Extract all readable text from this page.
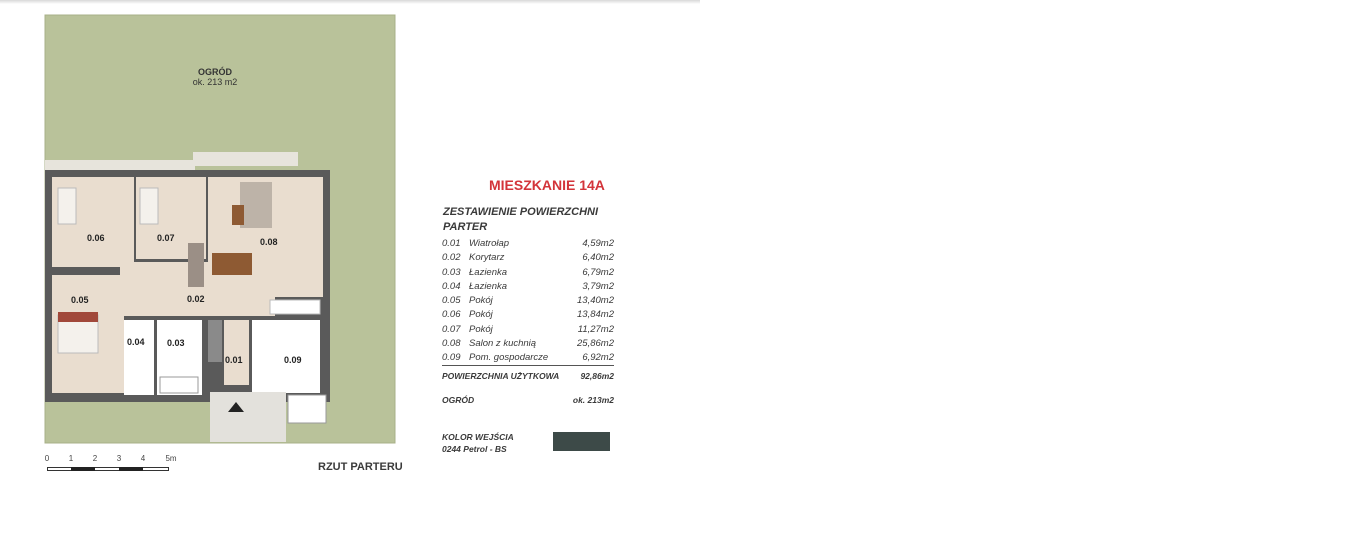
OGRÓD
ok. 213 m2
0.06	0.07	0.08
0.05	0.02
0.04 0.03
0.01	0.09
0 1 2 3 4	5m
RZUT PARTERU
MIESZKANIE 14A
ZESTAWIENIE POWIERZCHNI
PARTER
0.01 Wiatrołap	4,59m2
0.02 Korytarz	6,40m2
0.03 Łazienka	6,79m2
0.04 Łazienka	3,79m2
0.05 Pokój	13,40m2
0.06 Pokój	13,84m2
0.07 Pokój	11,27m2
0.08 Salon z kuchnią	25,86m2
0.09 Pom. gospodarcze	6,92m2
POWIERZCHNIA UŻYTKOWA 92,86m2
OGRÓD	ok. 213m2
KOLOR WEJŚCIA
0244 Petrol - BS
